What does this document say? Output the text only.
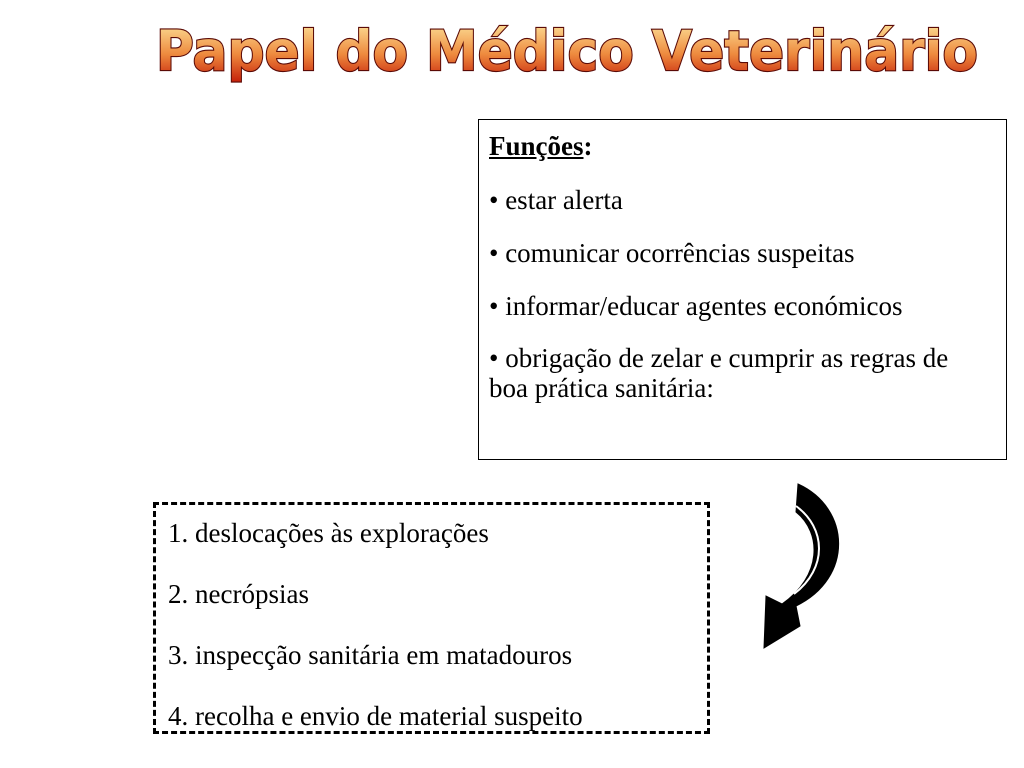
Papel do Médico Veterinário
Funções:
• estar alerta
• comunicar ocorrências suspeitas
• informar/educar agentes económicos
• obrigação de zelar e cumprir as regras de boa prática sanitária:
1. deslocações às explorações
2. necrópsias
3. inspecção sanitária em matadouros
4. recolha e envio de material suspeito
